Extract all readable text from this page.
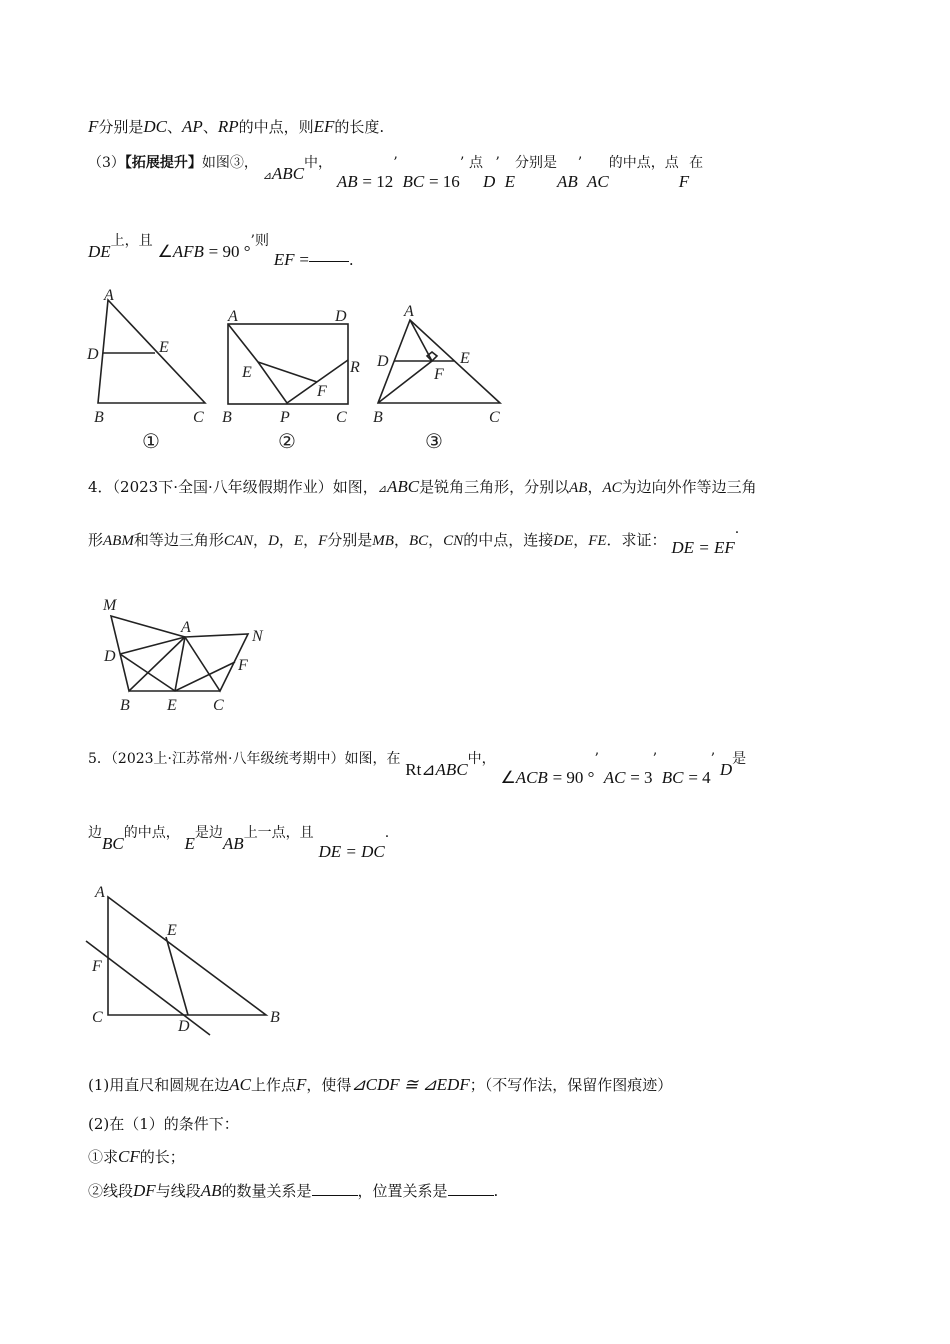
F分别是DC、AP、RP的中点，则EF的长度.
（3）【拓展提升】如图③， ⊿ABC中， AB = 12’ BC = 16’ 点D’ E分别是AB’ AC的中点，点F在
DE上，且 ∠AFB = 90 °’则 EF =	.
A
D	E
B	C
①
A	D
E	R
F
B	P	C
②
A
D	E
F
B	C
③
4．（2023下·全国·八年级假期作业）如图，⊿ABC是锐角三角形，分别以AB，AC为边向外作等边三角
形ABM和等边三角形CAN，D，E，F分别是MB，BC，CN的中点，连接DE，FE．求证： DE = EF.
M
A
N
D
F
B E C
5．（2023上·江苏常州·八年级统考期中）如图，在 Rt⊿ABC中， ∠ACB = 90 °’ AC = 3’ BC = 4’ D是
边BC的中点， E是边AB上一点，且 DE = DC.
A
E
F
C
D
B
(1)用直尺和圆规在边AC上作点F，使得⊿CDF ≅ ⊿EDF；（不写作法，保留作图痕迹）
(2)在（1）的条件下：
①求CF的长；
②线段DF与线段AB的数量关系是	，位置关系是	.
